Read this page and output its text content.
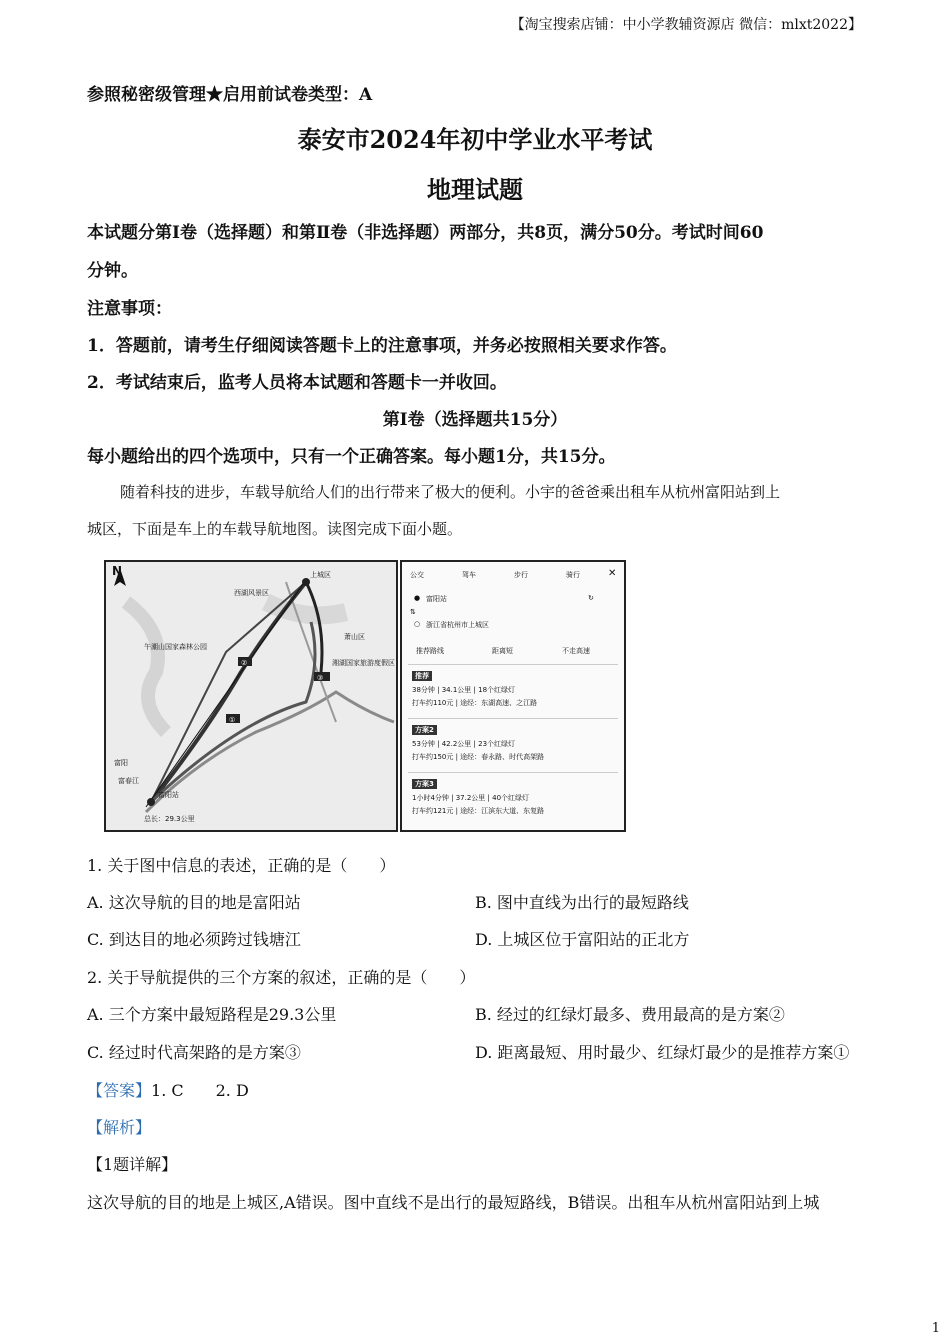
【淘宝搜索店铺：中小学教辅资源店 微信：mlxt2022】
参照秘密级管理★启用前试卷类型：A
泰安市2024年初中学业水平考试
地理试题
本试题分第Ⅰ卷（选择题）和第Ⅱ卷（非选择题）两部分，共8页，满分50分。考试时间60
分钟。
注意事项：
1．答题前，请考生仔细阅读答题卡上的注意事项，并务必按照相关要求作答。
2．考试结束后，监考人员将本试题和答题卡一并收回。
第Ⅰ卷（选择题共15分）
每小题给出的四个选项中，只有一个正确答案。每小题1分，共15分。
随着科技的进步，车载导航给人们的出行带来了极大的便利。小宇的爸爸乘出租车从杭州富阳站到上
城区，下面是车上的车载导航地图。读图完成下面小题。
③
①
②
N	上城区
西湖风景区
午潮山国家森林公园
萧山区
湘湖国家旅游度假区
富阳
富春江
富阳站
总长：29.3公里
公交	驾车	步行	骑行	✕
● 富阳站
⇅
○ 浙江省杭州市上城区
↻
推荐路线	距离短	不走高速
推荐
38分钟 | 34.1公里 | 18个红绿灯
打车约110元 | 途经：东湖高速、之江路
方案2
53分钟 | 42.2公里 | 23个红绿灯
打车约150元 | 途经：春永路、时代高架路
方案3
1小时4分钟 | 37.2公里 | 40个红绿灯
打车约121元 | 途经：江滨东大道、东复路
1. 关于图中信息的表述，正确的是（　　）
A. 这次导航的目的地是富阳站	B. 图中直线为出行的最短路线
C. 到达目的地必须跨过钱塘江	D. 上城区位于富阳站的正北方
2. 关于导航提供的三个方案的叙述，正确的是（　　）
A. 三个方案中最短路程是29.3公里	B. 经过的红绿灯最多、费用最高的是方案②
C. 经过时代高架路的是方案③	D. 距离最短、用时最少、红绿灯最少的是推荐方案①
【答案】1. C　　2. D
【解析】
【1题详解】
这次导航的目的地是上城区,A错误。图中直线不是出行的最短路线，B错误。出租车从杭州富阳站到上城
1
